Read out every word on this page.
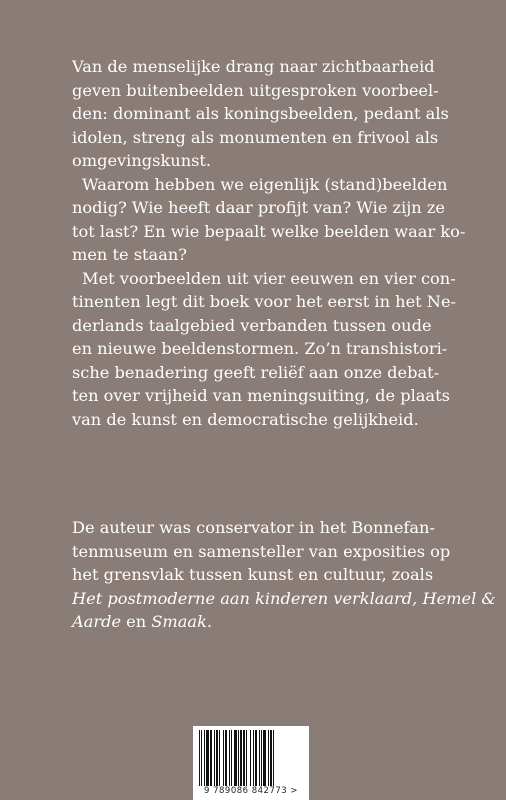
Van de menselijke drang naar zichtbaarheid
geven buitenbeelden uitgesproken voorbeel-
den: dominant als koningsbeelden, pedant als
idolen, streng als monumenten en frivool als
omgevingskunst.
Waarom hebben we eigenlijk (stand)beelden
nodig? Wie heeft daar profijt van? Wie zijn ze
tot last? En wie bepaalt welke beelden waar ko-
men te staan?
Met voorbeelden uit vier eeuwen en vier con-
tinenten legt dit boek voor het eerst in het Ne-
derlands taalgebied verbanden tussen oude
en nieuwe beeldenstormen. Zo’n transhistori-
sche benadering geeft reliëf aan onze debat-
ten over vrijheid van meningsuiting, de plaats
van de kunst en democratische gelijkheid.
De auteur was conservator in het Bonnefan-
tenmuseum en samensteller van exposities op
het grensvlak tussen kunst en cultuur, zoals
Het postmoderne aan kinderen verklaard, Hemel &
Aarde en Smaak.
9 789086 842773 >
